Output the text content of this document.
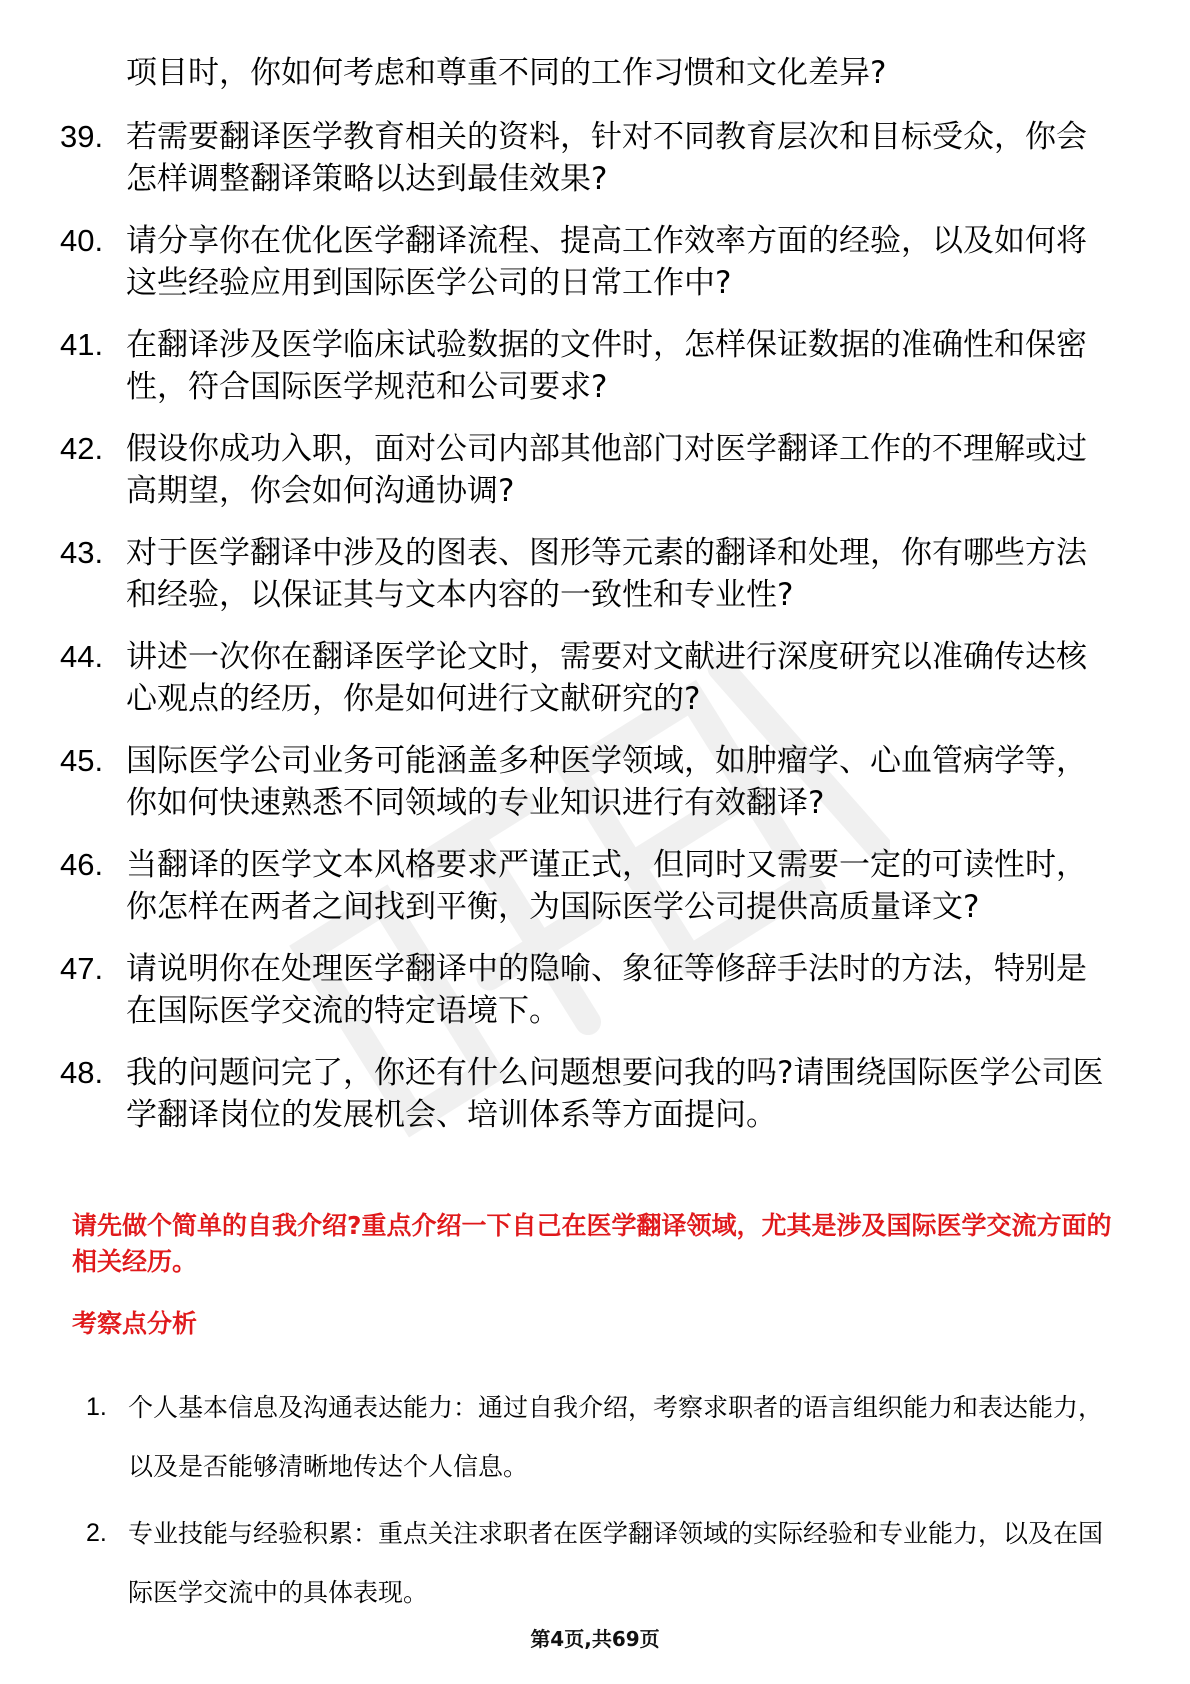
项目时，你如何考虑和尊重不同的工作习惯和文化差异?
39. 若需要翻译医学教育相关的资料，针对不同教育层次和目标受众，你会怎样调整翻译策略以达到最佳效果?
40. 请分享你在优化医学翻译流程、提高工作效率方面的经验，以及如何将这些经验应用到国际医学公司的日常工作中?
41. 在翻译涉及医学临床试验数据的文件时，怎样保证数据的准确性和保密性，符合国际医学规范和公司要求?
42. 假设你成功入职，面对公司内部其他部门对医学翻译工作的不理解或过高期望，你会如何沟通协调?
43. 对于医学翻译中涉及的图表、图形等元素的翻译和处理，你有哪些方法和经验，以保证其与文本内容的一致性和专业性?
44. 讲述一次你在翻译医学论文时，需要对文献进行深度研究以准确传达核心观点的经历，你是如何进行文献研究的?
45. 国际医学公司业务可能涵盖多种医学领域，如肿瘤学、心血管病学等，你如何快速熟悉不同领域的专业知识进行有效翻译?
46. 当翻译的医学文本风格要求严谨正式，但同时又需要一定的可读性时，你怎样在两者之间找到平衡，为国际医学公司提供高质量译文?
47. 请说明你在处理医学翻译中的隐喻、象征等修辞手法时的方法，特别是在国际医学交流的特定语境下。
48. 我的问题问完了，你还有什么问题想要问我的吗?请围绕国际医学公司医学翻译岗位的发展机会、培训体系等方面提问。
请先做个简单的自我介绍?重点介绍一下自己在医学翻译领域，尤其是涉及国际医学交流方面的相关经历。
考察点分析
1. 个人基本信息及沟通表达能力：通过自我介绍，考察求职者的语言组织能力和表达能力，以及是否能够清晰地传达个人信息。
2. 专业技能与经验积累：重点关注求职者在医学翻译领域的实际经验和专业能力，以及在国际医学交流中的具体表现。
第4页,共69页
